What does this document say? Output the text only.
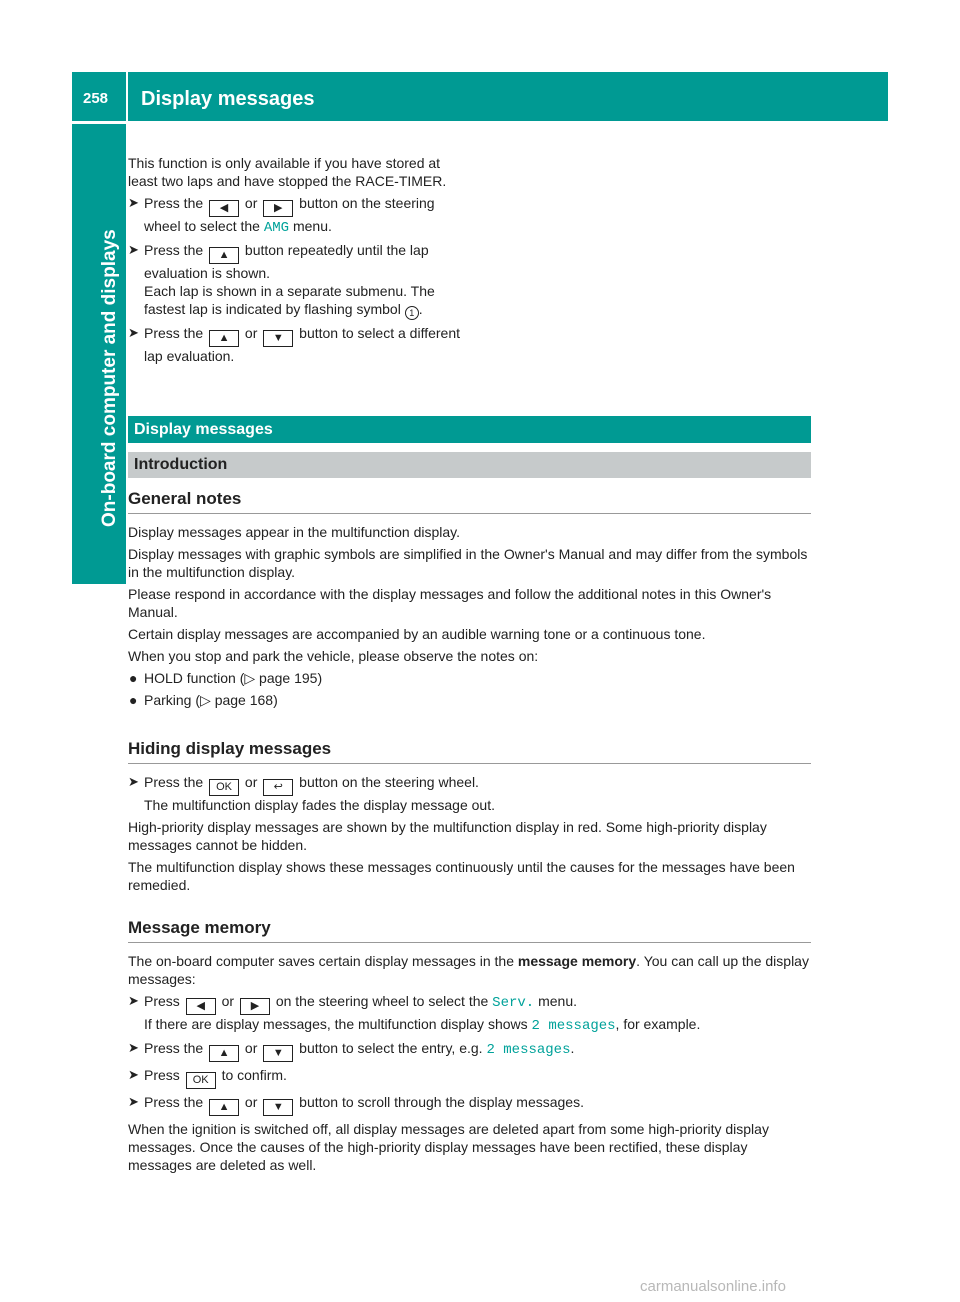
258	Display messages
On-board computer and displays

This function is only available if you have stored at least two laps and have stopped the RACE-TIMER.

➤ Press the ◀ or ▶ button on the steering wheel to select the AMG menu.
➤ Press the ▲ button repeatedly until the lap evaluation is shown.
Each lap is shown in a separate submenu. The fastest lap is indicated by flashing symbol 1 .
➤ Press the ▲ or ▼ button to select a different lap evaluation.
Display messages
Introduction
General notes

Display messages appear in the multifunction display.

Display messages with graphic symbols are simplified in the Owner's Manual and may differ from the symbols in the multifunction display.

Please respond in accordance with the display messages and follow the additional notes in this Owner's Manual.

Certain display messages are accompanied by an audible warning tone or a continuous tone.

When you stop and park the vehicle, please observe the notes on:

● HOLD function (▷ page 195)
● Parking (▷ page 168)
Hiding display messages
➤ Press the OK or ↩ button on the steering wheel.
The multifunction display fades the display message out.

High-priority display messages are shown by the multifunction display in red. Some high-priority display messages cannot be hidden.

The multifunction display shows these messages continuously until the causes for the messages have been remedied.

Message memory

The on-board computer saves certain display messages in the message memory. You can call up the display messages:

➤ Press ◀ or ▶ on the steering wheel to select the Serv. menu.
If there are display messages, the multifunction display shows 2 messages, for example.
➤ Press the ▲ or ▼ button to select the entry, e.g. 2 messages.
➤ Press OK to confirm.
➤ Press the ▲ or ▼ button to scroll through the display messages.

When the ignition is switched off, all display messages are deleted apart from some high-priority display messages. Once the causes of the high-priority display messages have been rectified, these display messages are deleted as well.

carmanualsonline.info
